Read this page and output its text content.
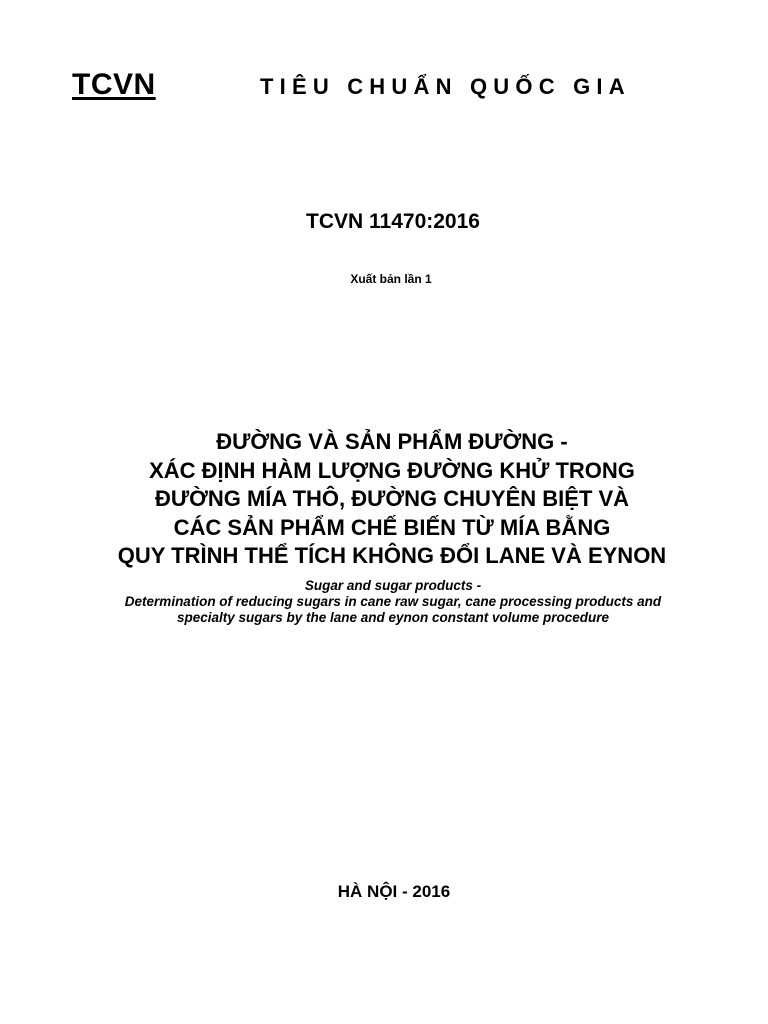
TCVN	TIÊU CHUẨN QUỐC GIA
TCVN 11470:2016
Xuất bản lần 1
ĐƯỜNG VÀ SẢN PHẨM ĐƯỜNG -
XÁC ĐỊNH HÀM LƯỢNG ĐƯỜNG KHỬ TRONG
ĐƯỜNG MÍA THÔ, ĐƯỜNG CHUYÊN BIỆT VÀ
CÁC SẢN PHẨM CHẾ BIẾN TỪ MÍA BẰNG
QUY TRÌNH THỂ TÍCH KHÔNG ĐỔI LANE VÀ EYNON
Sugar and sugar products -
Determination of reducing sugars in cane raw sugar, cane processing products and
specialty sugars by the lane and eynon constant volume procedure
HÀ NỘI - 2016
